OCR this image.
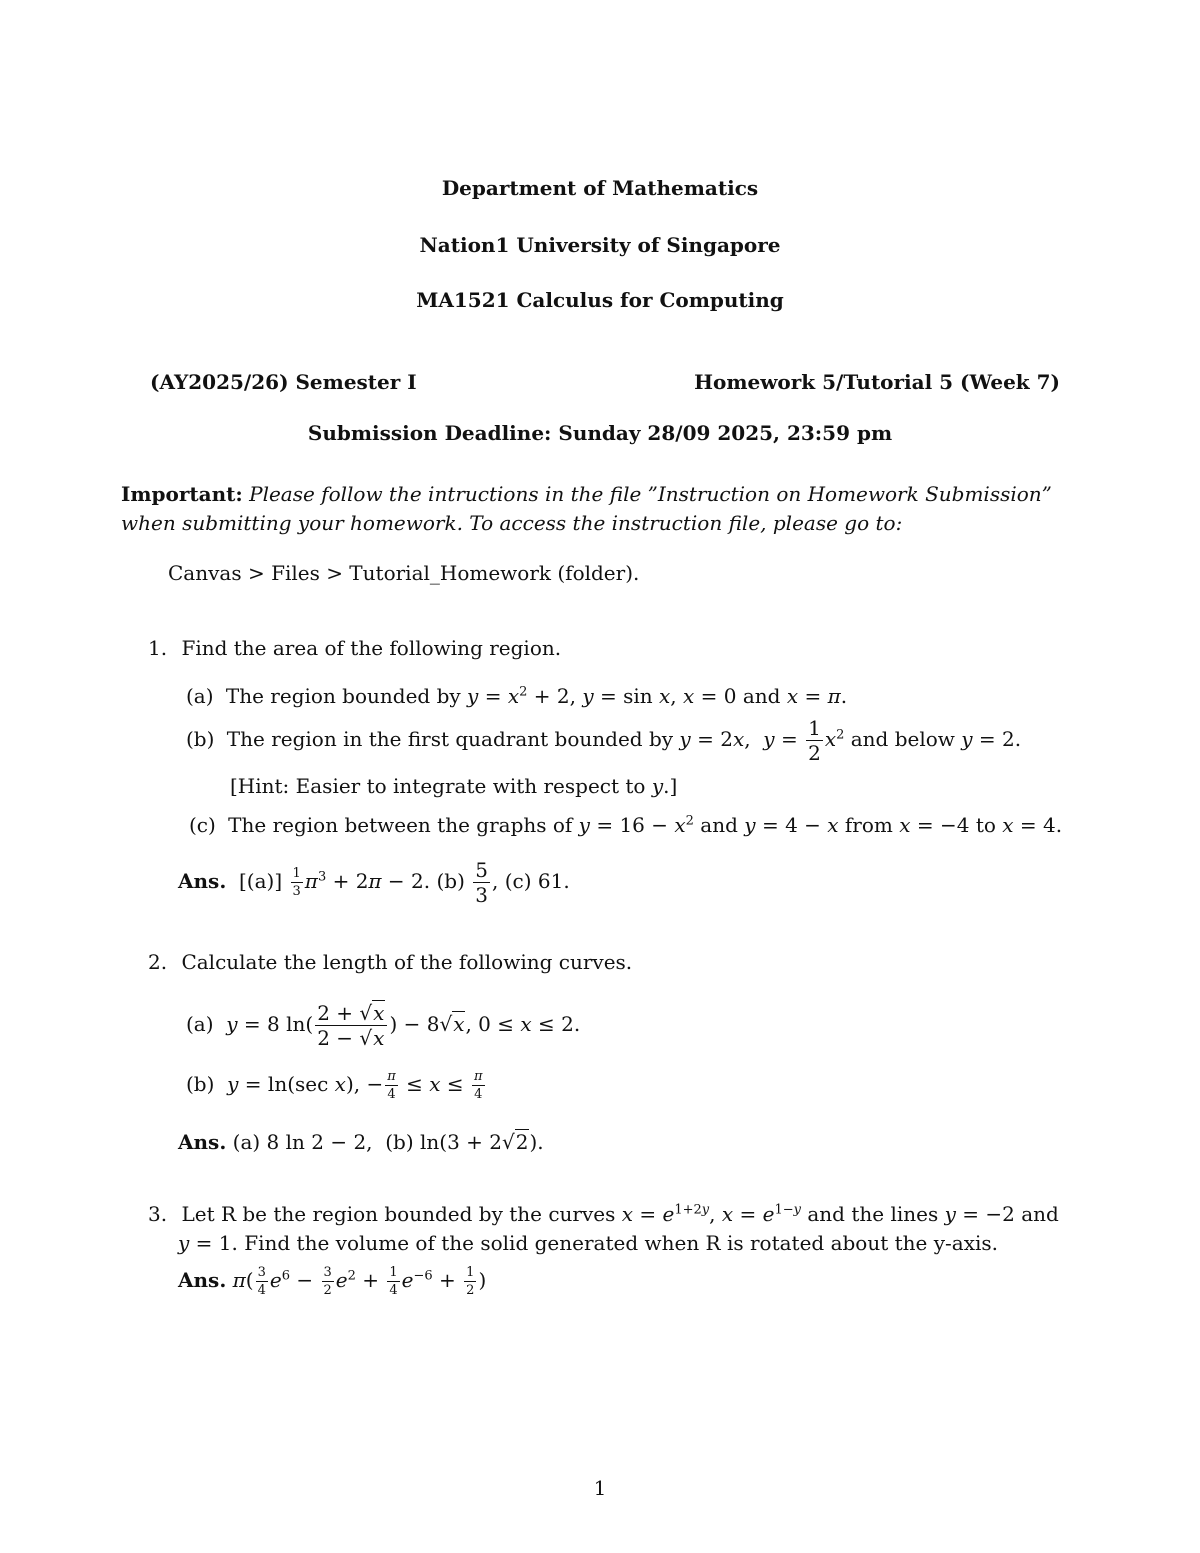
Department of Mathematics
Nation1 University of Singapore
MA1521 Calculus for Computing
(AY2025/26) Semester I	Homework 5/Tutorial 5 (Week 7)
Submission Deadline: Sunday 28/09 2025, 23:59 pm
Important: Please follow the intructions in the file ”Instruction on Homework Submission”
when submitting your homework. To access the instruction file, please go to:
Canvas > Files > Tutorial_Homework (folder).
1. Find the area of the following region.
(a) The region bounded by $y = x^2 + 2$, y = sin x, x = 0 and x = π.
(b) The region in the first quadrant bounded by y = 2x,  $y = \frac{1}{2} x^2$ and below y = 2.
[Hint: Easier to integrate with respect to y.]
(c) The region between the graphs of $y = 16 - x^2$ and y = 4 − x from x = −4 to x = 4.
Ans.  $[(a)] \frac{1}{3} \pi^3 + 2\pi - 2$. $(b) \frac{5}{3}$ , (c) 61.
2. Calculate the length of the following curves.
(a) y = 8 $\ln( \frac{2 + √x}{2 - √x}$ ) − 8√x, 0 ≤ x ≤ 2.
(b) y = ln(sec x), − $\frac{\pi}{4} \le x \le \frac{\pi}{4}$
Ans. (a) 8 ln 2 − 2,  (b) ln(3 + 2√2).
3. Let R be the region bounded by the curves $x = e^{1+2y}$, $x = e^{1-y}$ and the lines y = −2 and
y = 1. Find the volume of the solid generated when R is rotated about the y-axis.
Ans. $\pi( \frac{3}{4} e^6 - \frac{3}{2} e^2 + \frac{1}{4} e^{-6} + \frac{1}{2}$ )
1
